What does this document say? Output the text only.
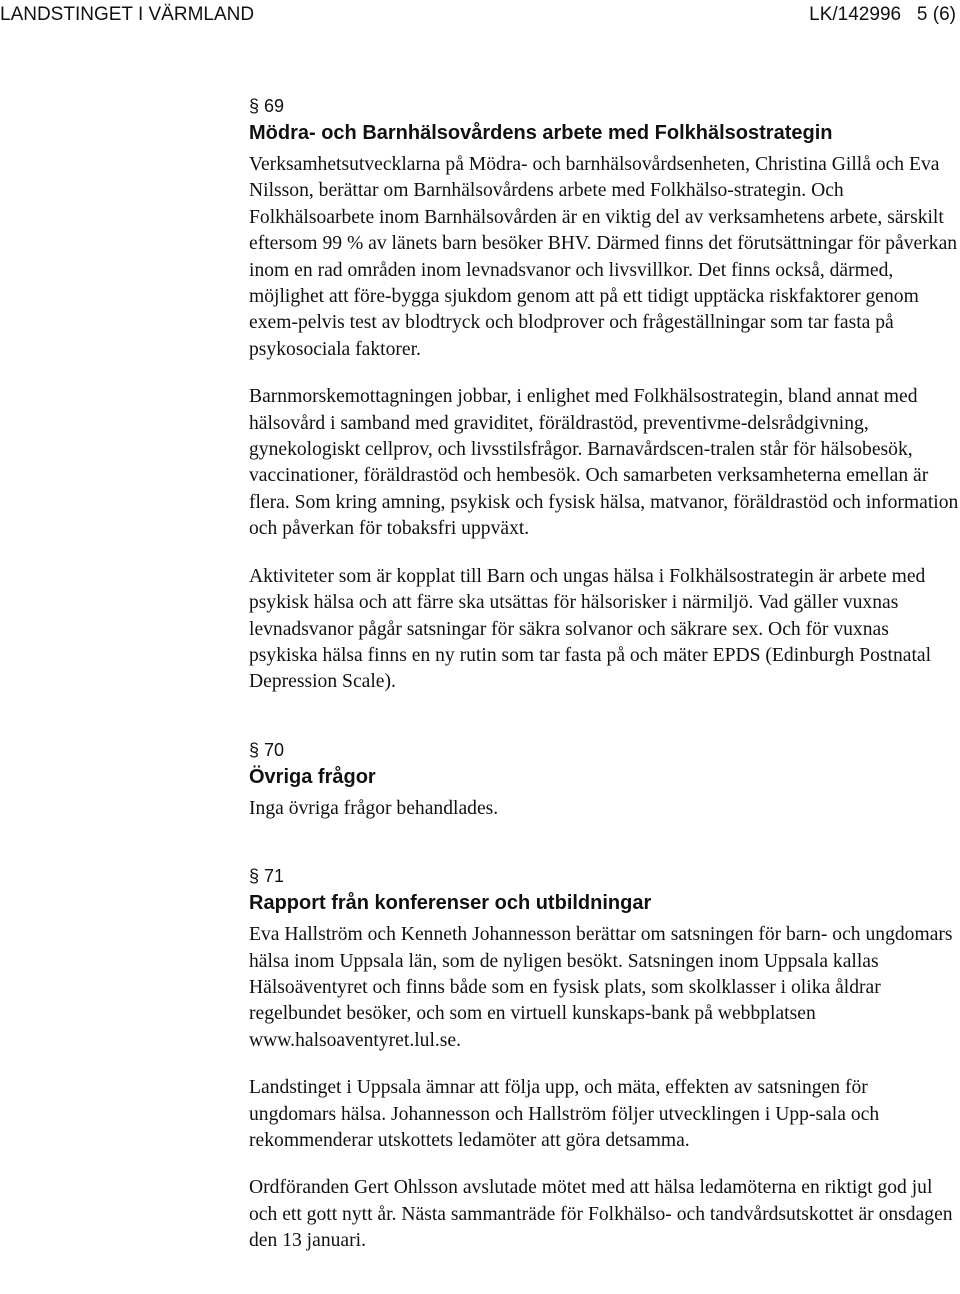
LANDSTINGET I VÄRMLAND	LK/142996 5 (6)

§ 69

Mödra- och Barnhälsovårdens arbete med Folkhälsostrategin

Verksamhetsutvecklarna på Mödra- och barnhälsovårdsenheten, Christina Gillå och Eva Nilsson, berättar om Barnhälsovårdens arbete med Folkhälso-strategin. Och Folkhälsoarbete inom Barnhälsovården är en viktig del av verksamhetens arbete, särskilt eftersom 99 % av länets barn besöker BHV. Därmed finns det förutsättningar för påverkan inom en rad områden inom levnadsvanor och livsvillkor. Det finns också, därmed, möjlighet att före-bygga sjukdom genom att på ett tidigt upptäcka riskfaktorer genom exem-pelvis test av blodtryck och blodprover och frågeställningar som tar fasta på psykosociala faktorer.

Barnmorskemottagningen jobbar, i enlighet med Folkhälsostrategin, bland annat med hälsovård i samband med graviditet, föräldrastöd, preventivme-delsrådgivning, gynekologiskt cellprov, och livsstilsfrågor. Barnavårdscen-tralen står för hälsobesök, vaccinationer, föräldrastöd och hembesök. Och samarbeten verksamheterna emellan är flera. Som kring amning, psykisk och fysisk hälsa, matvanor, föräldrastöd och information och påverkan för tobaksfri uppväxt.

Aktiviteter som är kopplat till Barn och ungas hälsa i Folkhälsostrategin är arbete med psykisk hälsa och att färre ska utsättas för hälsorisker i närmiljö. Vad gäller vuxnas levnadsvanor pågår satsningar för säkra solvanor och säkrare sex. Och för vuxnas psykiska hälsa finns en ny rutin som tar fasta på och mäter EPDS (Edinburgh Postnatal Depression Scale).

§ 70

Övriga frågor

Inga övriga frågor behandlades.

§ 71

Rapport från konferenser och utbildningar

Eva Hallström och Kenneth Johannesson berättar om satsningen för barn- och ungdomars hälsa inom Uppsala län, som de nyligen besökt. Satsningen inom Uppsala kallas Hälsoäventyret och finns både som en fysisk plats, som skolklasser i olika åldrar regelbundet besöker, och som en virtuell kunskaps-bank på webbplatsen www.halsoaventyret.lul.se.

Landstinget i Uppsala ämnar att följa upp, och mäta, effekten av satsningen för ungdomars hälsa. Johannesson och Hallström följer utvecklingen i Upp-sala och rekommenderar utskottets ledamöter att göra detsamma.

Ordföranden Gert Ohlsson avslutade mötet med att hälsa ledamöterna en riktigt god jul och ett gott nytt år. Nästa sammanträde för Folkhälso- och tandvårdsutskottet är onsdagen den 13 januari.
